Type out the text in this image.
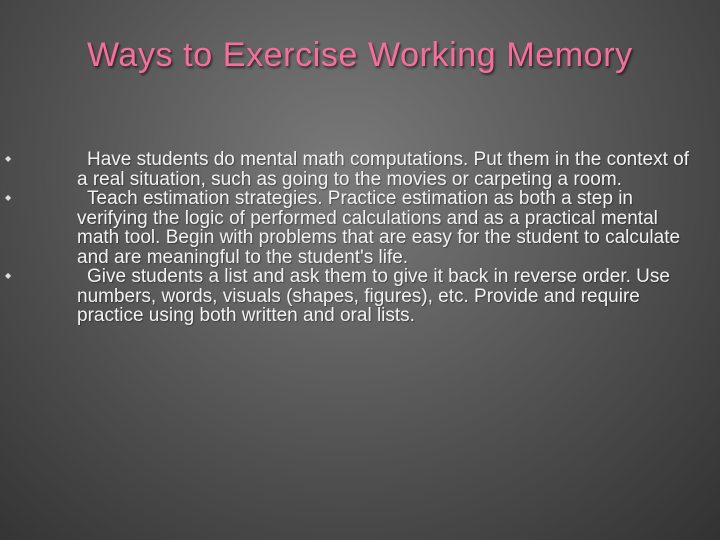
Ways to Exercise Working Memory
◆	Have students do mental math computations. Put them in the context of a real situation, such as going to the movies or carpeting a room.
◆	Teach estimation strategies. Practice estimation as both a step in verifying the logic of performed calculations and as a practical mental math tool. Begin with problems that are easy for the student to calculate and are meaningful to the student's life.
◆	Give students a list and ask them to give it back in reverse order. Use numbers, words, visuals (shapes, figures), etc. Provide and require practice using both written and oral lists.
